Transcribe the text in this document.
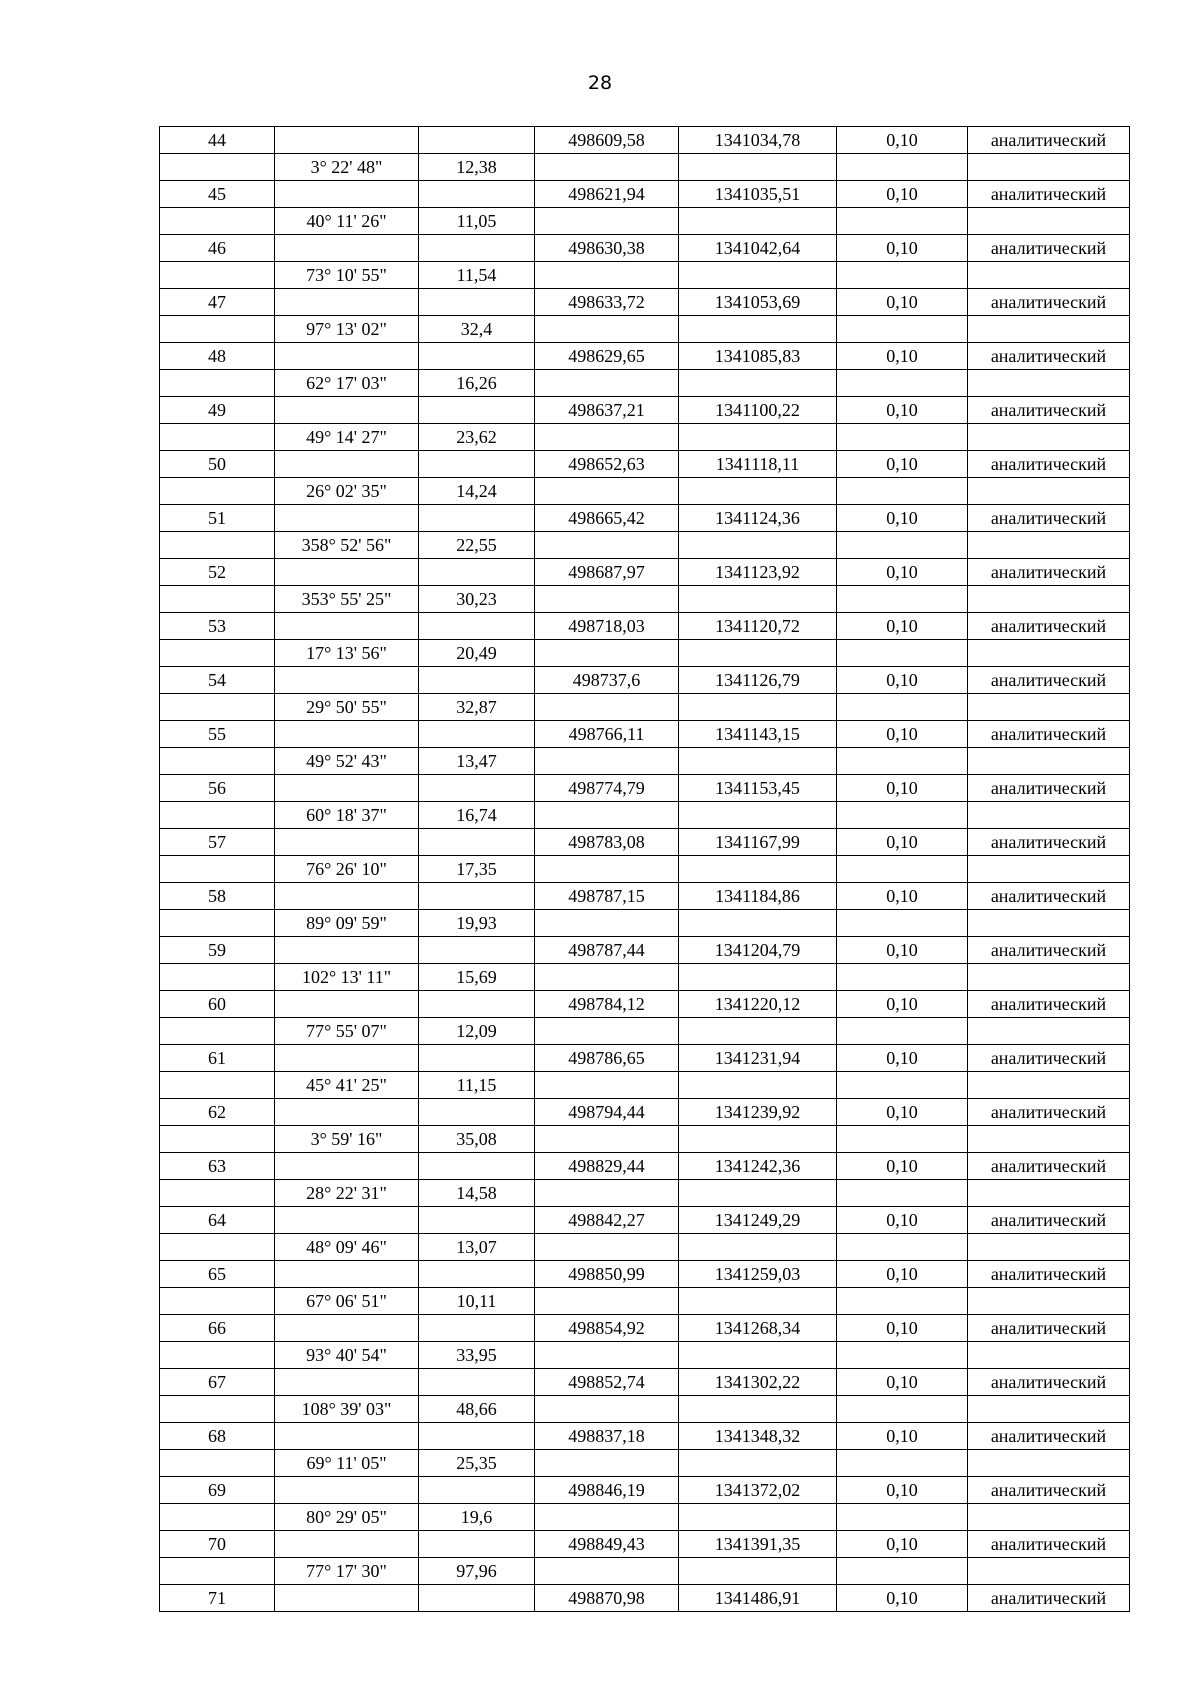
28
44			498609,58	1341034,78	0,10	аналитический
	3° 22' 48"	12,38				
45			498621,94	1341035,51	0,10	аналитический
	40° 11' 26"	11,05				
46			498630,38	1341042,64	0,10	аналитический
	73° 10' 55"	11,54				
47			498633,72	1341053,69	0,10	аналитический
	97° 13' 02"	32,4				
48			498629,65	1341085,83	0,10	аналитический
	62° 17' 03"	16,26				
49			498637,21	1341100,22	0,10	аналитический
	49° 14' 27"	23,62				
50			498652,63	1341118,11	0,10	аналитический
	26° 02' 35"	14,24				
51			498665,42	1341124,36	0,10	аналитический
	358° 52' 56"	22,55				
52			498687,97	1341123,92	0,10	аналитический
	353° 55' 25"	30,23				
53			498718,03	1341120,72	0,10	аналитический
	17° 13' 56"	20,49				
54			498737,6	1341126,79	0,10	аналитический
	29° 50' 55"	32,87				
55			498766,11	1341143,15	0,10	аналитический
	49° 52' 43"	13,47				
56			498774,79	1341153,45	0,10	аналитический
	60° 18' 37"	16,74				
57			498783,08	1341167,99	0,10	аналитический
	76° 26' 10"	17,35				
58			498787,15	1341184,86	0,10	аналитический
	89° 09' 59"	19,93				
59			498787,44	1341204,79	0,10	аналитический
	102° 13' 11"	15,69				
60			498784,12	1341220,12	0,10	аналитический
	77° 55' 07"	12,09				
61			498786,65	1341231,94	0,10	аналитический
	45° 41' 25"	11,15				
62			498794,44	1341239,92	0,10	аналитический
	3° 59' 16"	35,08				
63			498829,44	1341242,36	0,10	аналитический
	28° 22' 31"	14,58				
64			498842,27	1341249,29	0,10	аналитический
	48° 09' 46"	13,07				
65			498850,99	1341259,03	0,10	аналитический
	67° 06' 51"	10,11				
66			498854,92	1341268,34	0,10	аналитический
	93° 40' 54"	33,95				
67			498852,74	1341302,22	0,10	аналитический
	108° 39' 03"	48,66				
68			498837,18	1341348,32	0,10	аналитический
	69° 11' 05"	25,35				
69			498846,19	1341372,02	0,10	аналитический
	80° 29' 05"	19,6				
70			498849,43	1341391,35	0,10	аналитический
	77° 17' 30"	97,96				
71			498870,98	1341486,91	0,10	аналитический
